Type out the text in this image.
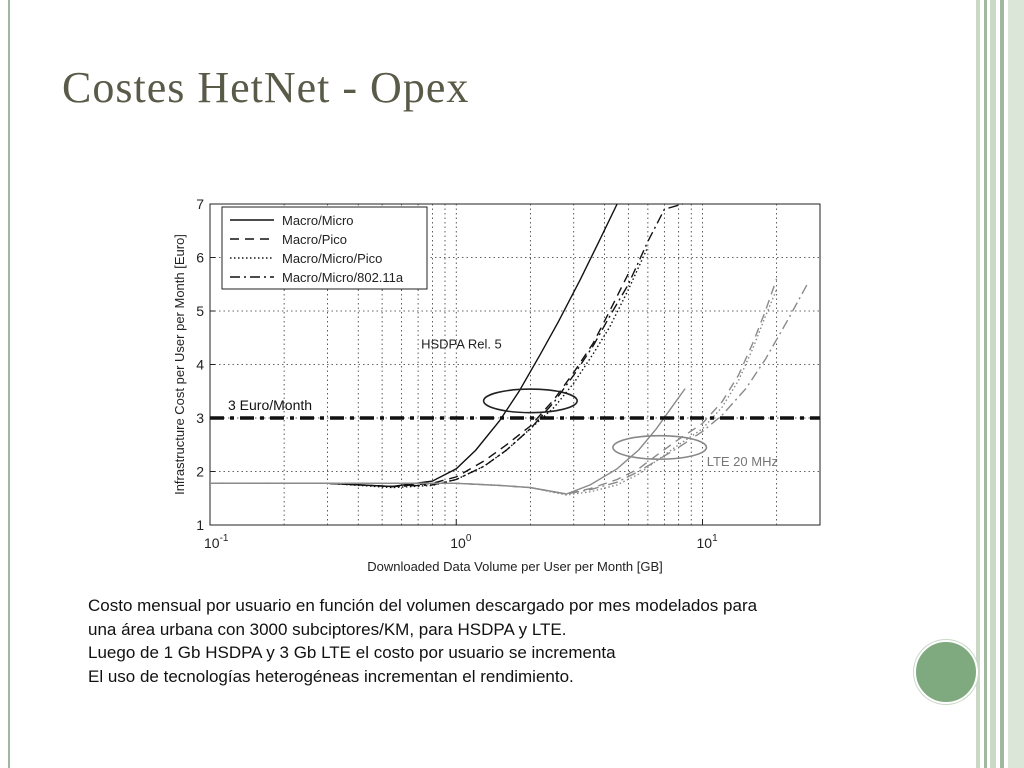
Costes HetNet - Opex
1
2
3
4
5
6
7
$10^{-1}$	$10^0$	$10^1$
Downloaded Data Volume per User per Month [GB]
Infrastructure Cost per User per Month [Euro]	3 Euro/Month
HSDPA Rel. 5
LTE 20 MHz
Macro/Micro
Macro/Pico
Macro/Micro/Pico
Macro/Micro/802.11a
Costo mensual por usuario en función del volumen descargado por mes modelados para
una área urbana con 3000 subciptores/KM, para HSDPA y LTE.
Luego de 1 Gb HSDPA y 3 Gb LTE el costo por usuario se incrementa
El uso de tecnologías heterogéneas incrementan el rendimiento.
